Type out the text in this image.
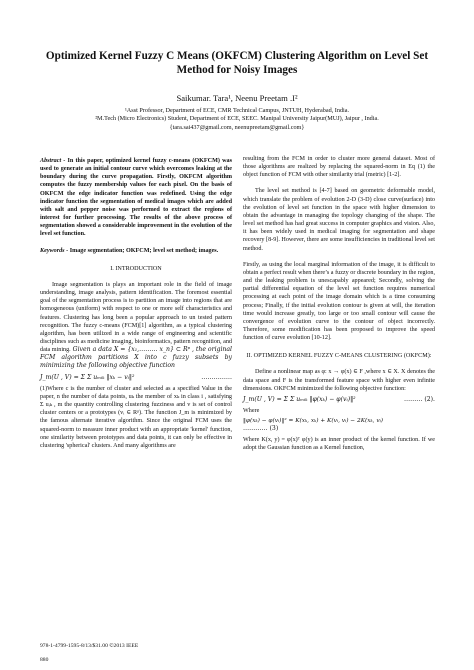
Optimized Kernel Fuzzy C Means (OKFCM) Clustering Algorithm on Level Set Method for Noisy Images
Saikumar. Tara¹, Neenu Preetam .I²
¹Asst Professor, Department of ECE, CMR Technical Campus, JNTUH, Hyderabad, India.
²M.Tech (Micro Electronics) Student, Department of ECE, SEEC. Manipal University Jaipur(MUJ), Jaipur , India.
{tara.sai437@gmail.com, neenupreetam@gmail.com}

Abstract - In this paper, optimized kernel fuzzy c-means (OKFCM) was used to generate an initial contour curve which overcomes leaking at the boundary during the curve propagation. Firstly, OKFCM algorithm computes the fuzzy membership values for each pixel. On the basis of OKFCM the edge indicator function was redefined. Using the edge indicator function the segmentation of medical images which are added with salt and pepper noise was performed to extract the regions of interest for further processing. The results of the above process of segmentation showed a considerable improvement in the evolution of the level set function.

Keywords - Image segmentation; OKFCM; level set method; images.

I. INTRODUCTION

Image segmentation is plays an important role in the field of image understanding, image analysis, pattern identification. The foremost essential goal of the segmentation process is to partition an image into regions that are homogeneous (uniform) with respect to one or more self characteristics and features. Clustering has long been a popular approach to un tested pattern recognition. The fuzzy c-means (FCM)[1] algorithm, as a typical clustering algorithm, has been utilized in a wide range of engineering and scientific disciplines such as medicine imaging, bioinformatics, pattern recognition, and data mining. Given a data X = {x₁,……… x_n} ⊂ Rᵖ , the original FCM algorithm partitions X into c fuzzy subsets by minimizing the following objective function

J_m(U , V) = Σ Σ uₘᵢₖ ‖xₖ − vᵢ‖²	……………

(1)Where c is the number of cluster and selected as a specified Value in the paper, n the number of data points, uₖ the member of xₖ in class i , satisfying Σ uᵢₖ , m the quantity controlling clustering fuzziness and v is set of control cluster centers or a prototypes (vᵢ ∈ Rᵖ). The function J_m is minimized by the famous alternate iterative algorithm. Since the original FCM uses the squared-norm to measure inner product with an appropriate 'kernel' function, one similarity between prototypes and data points, it can only be effective in clustering 'spherical' clusters. And many algorithms are

resulting from the FCM in order to cluster more general dataset. Most of those algorithms are realized by replacing the squared-norm in Eq (1) the object function of FCM with other similarity trial (metric) [1-2].

The level set method is [4-7] based on geometric deformable model, which translate the problem of evolution 2-D (3-D) close curve(surface) into the evolution of level set function in the space with higher dimension to obtain the advantage in managing the topology changing of the shape. The level set method has had great success in computer graphics and vision. Also, it has been widely used in medical imaging for segmentation and shape recovery [8-9]. However, there are some insufficiencies in traditional level set method.

Firstly, as using the local marginal information of the image, it is difficult to obtain a perfect result when there’s a fuzzy or discrete boundary in the region, and the leaking problem is unescapably appeared; Secondly, solving the partial differential equation of the level set function requires numerical processing at each point of the image domain which is a time consuming process; Finally, if the initial evolution contour is given at will, the iteration time would increase greatly, too large or too small contour will cause the convergence of evolution curve to the contour of object incorrectly. Therefore, some modification has been proposed to improve the speed function of curve evolution [10-12].

II. OPTIMIZED KERNEL FUZZY C-MEANS CLUSTERING (OKFCM):

Define a nonlinear map as φ: x → φ(x) ∈ F ,where x ∈ X. X denotes the data space and F is the transformed feature space with higher even infinite dimensions. OKFCM minimized the following objective function:

J_m(U , V) = Σ Σ uₘᵢₖ ‖φ(xₖ) − φ(vᵢ)‖²	……… (2).

Where

‖φ(xₖ) − φ(vᵢ)‖² = K(xₖ, xₖ) + K(vᵢ, vᵢ) − 2K(xₖ, vᵢ)
………… (3)

Where K(x, y) = φ(x)ᵀ φ(y) is an inner product of the kernel function. If we adopt the Gaussian function as a Kernel function,

978-1-4799-1595-8/13/$31.00 ©2013 IEEE
880
